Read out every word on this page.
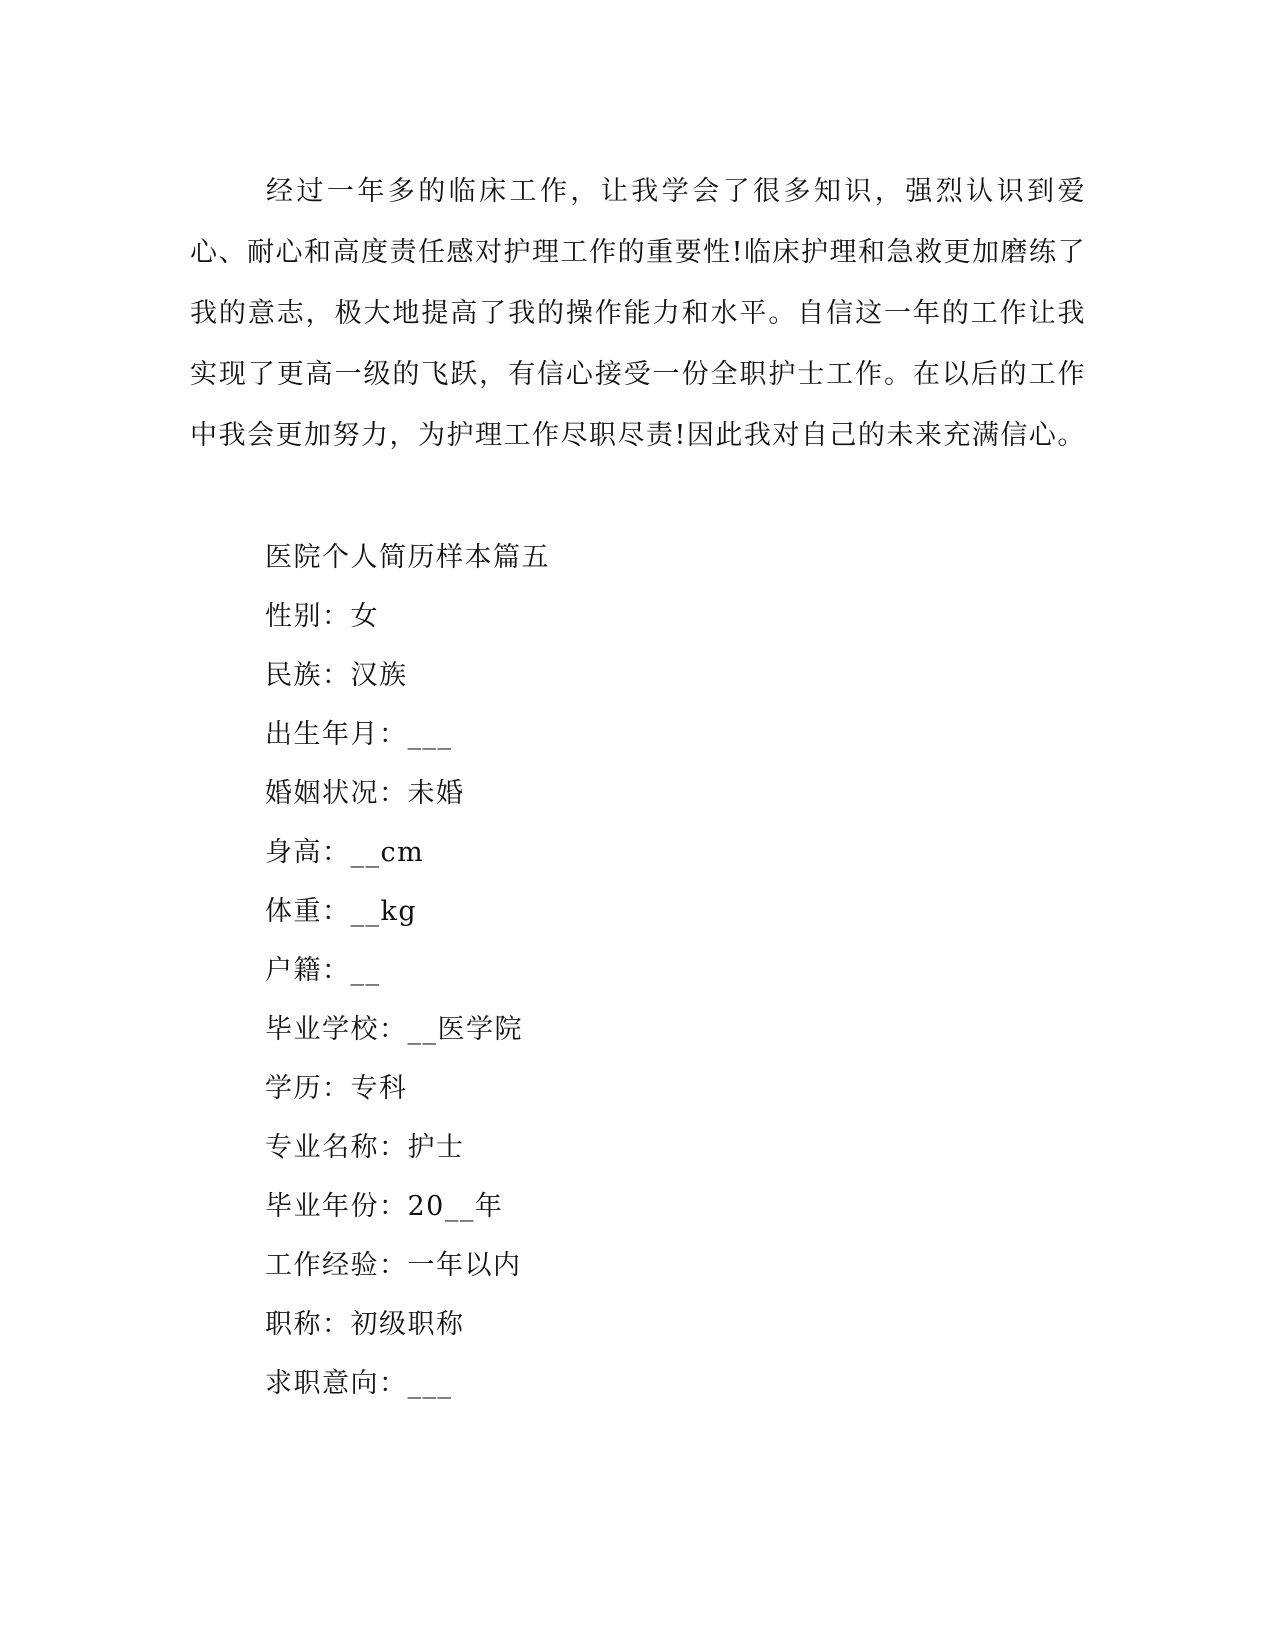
经过一年多的临床工作，让我学会了很多知识，强烈认识到爱心、耐心和高度责任感对护理工作的重要性!临床护理和急救更加磨练了我的意志，极大地提高了我的操作能力和水平。自信这一年的工作让我实现了更高一级的飞跃，有信心接受一份全职护士工作。在以后的工作中我会更加努力，为护理工作尽职尽责!因此我对自己的未来充满信心。

医院个人简历样本篇五
性别：女
民族：汉族
出生年月：___
婚姻状况：未婚
身高：__cm
体重：__kg
户籍：__
毕业学校：__医学院
学历：专科
专业名称：护士
毕业年份：20__年
工作经验：一年以内
职称：初级职称
求职意向：___
